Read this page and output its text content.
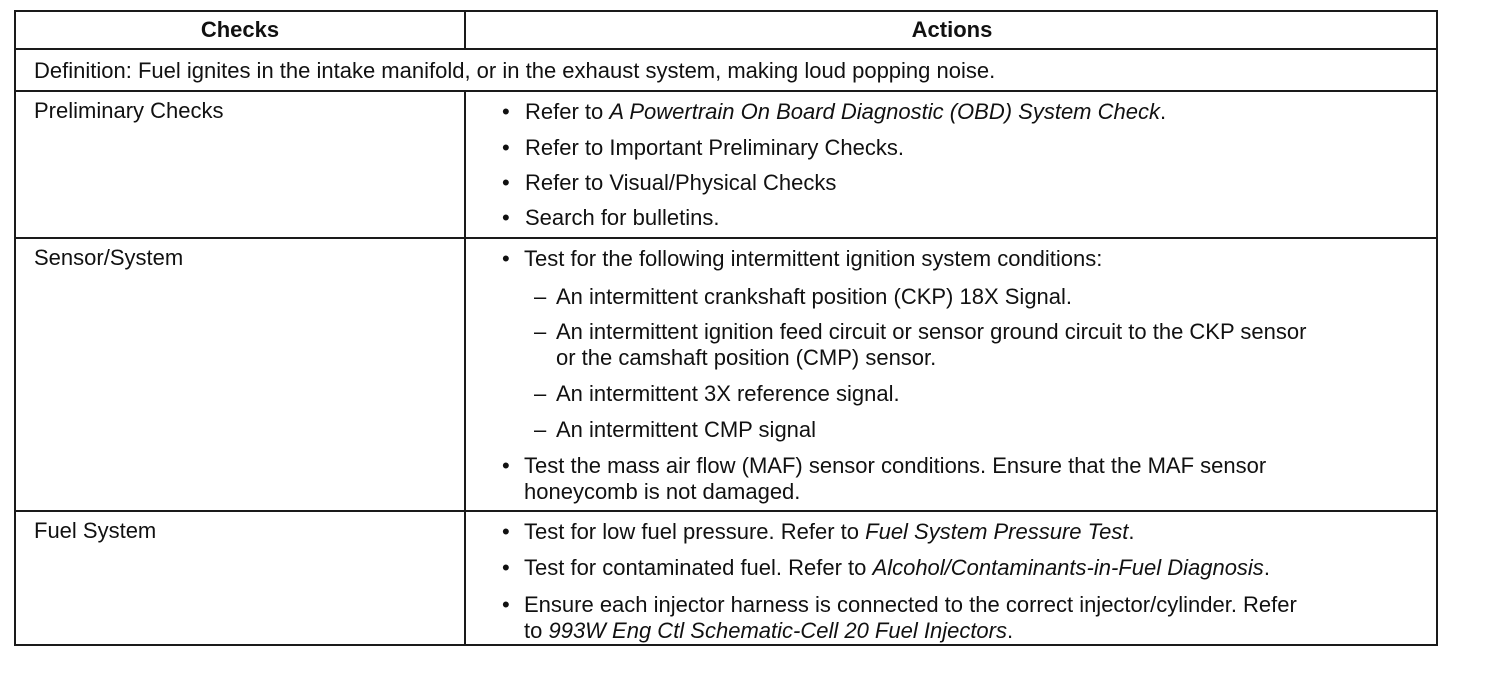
Checks	Actions
Definition: Fuel ignites in the intake manifold, or in the exhaust system, making loud popping noise.
Preliminary Checks	• Refer to A Powertrain On Board Diagnostic (OBD) System Check.
• Refer to Important Preliminary Checks.
• Refer to Visual/Physical Checks
• Search for bulletins.
Sensor/System	• Test for the following intermittent ignition system conditions:
– An intermittent crankshaft position (CKP) 18X Signal.
– An intermittent ignition feed circuit or sensor ground circuit to the CKP sensor
or the camshaft position (CMP) sensor.
– An intermittent 3X reference signal.
– An intermittent CMP signal
• Test the mass air flow (MAF) sensor conditions. Ensure that the MAF sensor
honeycomb is not damaged.
Fuel System	• Test for low fuel pressure. Refer to Fuel System Pressure Test.
• Test for contaminated fuel. Refer to Alcohol/Contaminants-in-Fuel Diagnosis.
• Ensure each injector harness is connected to the correct injector/cylinder. Refer
to 993W Eng Ctl Schematic-Cell 20 Fuel Injectors.
